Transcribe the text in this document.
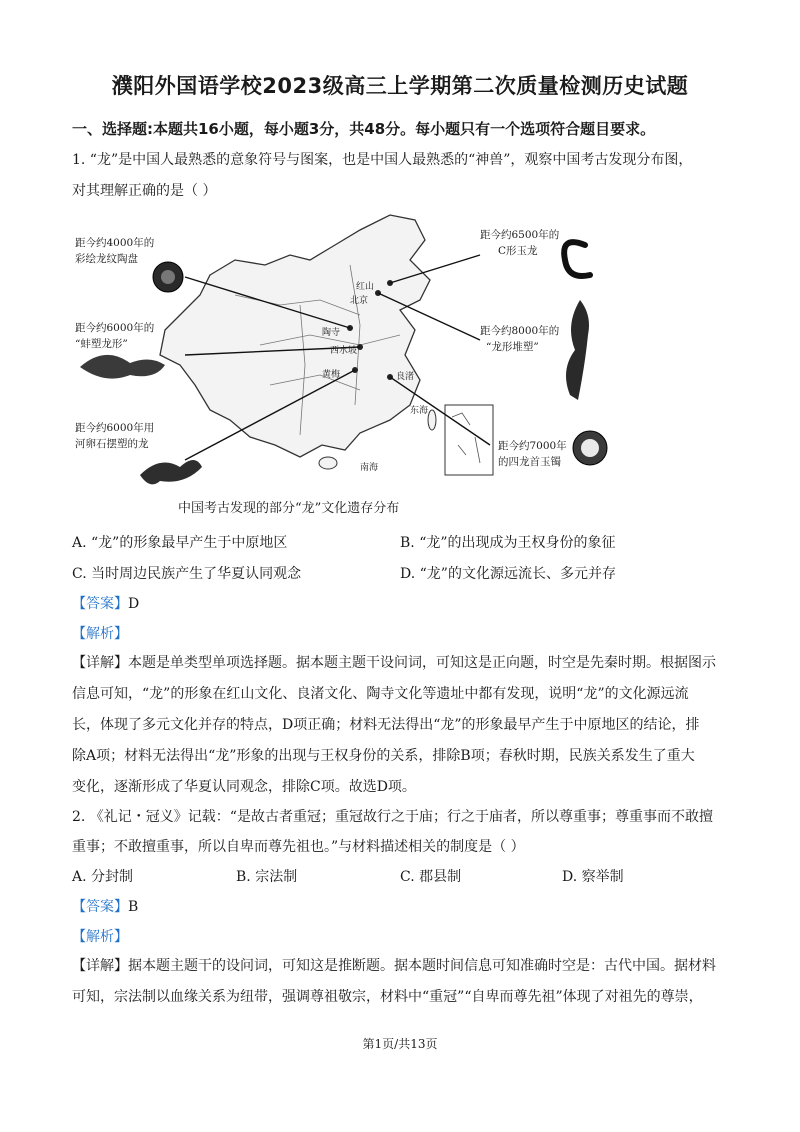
濮阳外国语学校2023级高三上学期第二次质量检测历史试题
一、选择题:本题共16小题，每小题3分，共48分。每小题只有一个选项符合题目要求。
1. “龙”是中国人最熟悉的意象符号与图案，也是中国人最熟悉的“神兽”，观察中国考古发现分布图，
对其理解正确的是（ ）
红山
北京
陶寺
西水坡
黄梅	良渚
东海
南海
距今约4000年的
彩绘龙纹陶盘
距今约6000年的
“蚌塑龙形”
距今约6000年用
河卵石摆塑的龙
距今约6500年的
C形玉龙
距今约8000年的
“龙形堆塑”
距今约7000年
的四龙首玉镯
中国考古发现的部分“龙”文化遗存分布
A. “龙”的形象最早产生于中原地区	B. “龙”的出现成为王权身份的象征
C. 当时周边民族产生了华夏认同观念	D. “龙”的文化源远流长、多元并存
【答案】D
【解析】
【详解】本题是单类型单项选择题。据本题主题干设问词，可知这是正向题，时空是先秦时期。根据图示
信息可知，“龙”的形象在红山文化、良渚文化、陶寺文化等遗址中都有发现，说明“龙”的文化源远流
长，体现了多元文化并存的特点，D项正确；材料无法得出“龙”的形象最早产生于中原地区的结论，排
除A项；材料无法得出“龙”形象的出现与王权身份的关系，排除B项；春秋时期，民族关系发生了重大
变化，逐渐形成了华夏认同观念，排除C项。故选D项。
2. 《礼记・冠义》记载：“是故古者重冠；重冠故行之于庙；行之于庙者，所以尊重事；尊重事而不敢擅
重事；不敢擅重事，所以自卑而尊先祖也。”与材料描述相关的制度是（ ）
A. 分封制	B. 宗法制	C. 郡县制	D. 察举制
【答案】B
【解析】
【详解】据本题主题干的设问词，可知这是推断题。据本题时间信息可知准确时空是：古代中国。据材料
可知，宗法制以血缘关系为纽带，强调尊祖敬宗，材料中“重冠”“自卑而尊先祖”体现了对祖先的尊崇，
第1页/共13页
